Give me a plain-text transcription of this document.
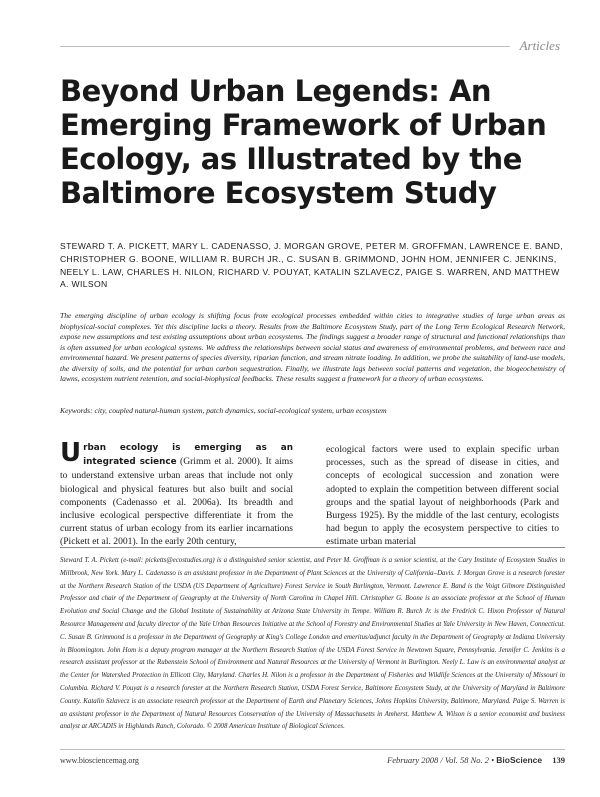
Articles
Beyond Urban Legends: An Emerging Framework of Urban Ecology, as Illustrated by the Baltimore Ecosystem Study

STEWARD T. A. PICKETT, MARY L. CADENASSO, J. MORGAN GROVE, PETER M. GROFFMAN, LAWRENCE E. BAND, CHRISTOPHER G. BOONE, WILLIAM R. BURCH JR., C. SUSAN B. GRIMMOND, JOHN HOM, JENNIFER C. JENKINS, NEELY L. LAW, CHARLES H. NILON, RICHARD V. POUYAT, KATALIN SZLAVECZ, PAIGE S. WARREN, AND MATTHEW A. WILSON

The emerging discipline of urban ecology is shifting focus from ecological processes embedded within cities to integrative studies of large urban areas as biophysical-social complexes. Yet this discipline lacks a theory. Results from the Baltimore Ecosystem Study, part of the Long Term Ecological Research Network, expose new assumptions and test existing assumptions about urban ecosystems. The findings suggest a broader range of structural and functional relationships than is often assumed for urban ecological systems. We address the relationships between social status and awareness of environmental problems, and between race and environmental hazard. We present patterns of species diversity, riparian function, and stream nitrate loading. In addition, we probe the suitability of land-use models, the diversity of soils, and the potential for urban carbon sequestration. Finally, we illustrate lags between social patterns and vegetation, the biogeochemistry of lawns, ecosystem nutrient retention, and social-biophysical feedbacks. These results suggest a framework for a theory of urban ecosystems.

Keywords: city, coupled natural-human system, patch dynamics, social-ecological system, urban ecosystem

Urban ecology is emerging as an integrated science (Grimm et al. 2000). It aims to understand extensive urban areas that include not only biological and physical features but also built and social components (Cadenasso et al. 2006a). Its breadth and inclusive ecological perspective differentiate it from the current status of urban ecology from its earlier incarnations (Pickett et al. 2001). In the early 20th century,

ecological factors were used to explain specific urban processes, such as the spread of disease in cities, and concepts of ecological succession and zonation were adopted to explain the competition between different social groups and the spatial layout of neighborhoods (Park and Burgess 1925). By the middle of the last century, ecologists had begun to apply the ecosystem perspective to cities to estimate urban material

Steward T. A. Pickett (e-mail: picketts@ecostudies.org) is a distinguished senior scientist, and Peter M. Groffman is a senior scientist, at the Cary Institute of Ecosystem Studies in Millbrook, New York. Mary L. Cadenasso is an assistant professor in the Department of Plant Sciences at the University of California–Davis. J. Morgan Grove is a research forester at the Northern Research Station of the USDA (US Department of Agriculture) Forest Service in South Burlington, Vermont. Lawrence E. Band is the Voigt Gilmore Distinguished Professor and chair of the Department of Geography at the University of North Carolina in Chapel Hill. Christopher G. Boone is an associate professor at the School of Human Evolution and Social Change and the Global Institute of Sustainability at Arizona State University in Tempe. William R. Burch Jr. is the Fredrick C. Hixon Professor of Natural Resource Management and faculty director of the Yale Urban Resources Initiative at the School of Forestry and Environmental Studies at Yale University in New Haven, Connecticut. C. Susan B. Grimmond is a professor in the Department of Geography at King's College London and emeritus/adjunct faculty in the Department of Geography at Indiana University in Bloomington. John Hom is a deputy program manager at the Northern Research Station of the USDA Forest Service in Newtown Square, Pennsylvania. Jennifer C. Jenkins is a research assistant professor at the Rubenstein School of Environment and Natural Resources at the University of Vermont in Burlington. Neely L. Law is an environmental analyst at the Center for Watershed Protection in Ellicott City, Maryland. Charles H. Nilon is a professor in the Department of Fisheries and Wildlife Sciences at the University of Missouri in Columbia. Richard V. Pouyat is a research forester at the Northern Research Station, USDA Forest Service, Baltimore Ecosystem Study, at the University of Maryland in Baltimore County. Katalin Szlavecz is an associate research professor at the Department of Earth and Planetary Sciences, Johns Hopkins University, Baltimore, Maryland. Paige S. Warren is an assistant professor in the Department of Natural Resources Conservation of the University of Massachusetts in Amherst. Matthew A. Wilson is a senior economist and business analyst at ARCADIS in Highlands Ranch, Colorado. © 2008 American Institute of Biological Sciences.

www.biosciencemag.org	February 2008 / Vol. 58 No. 2 • BioScience 139
